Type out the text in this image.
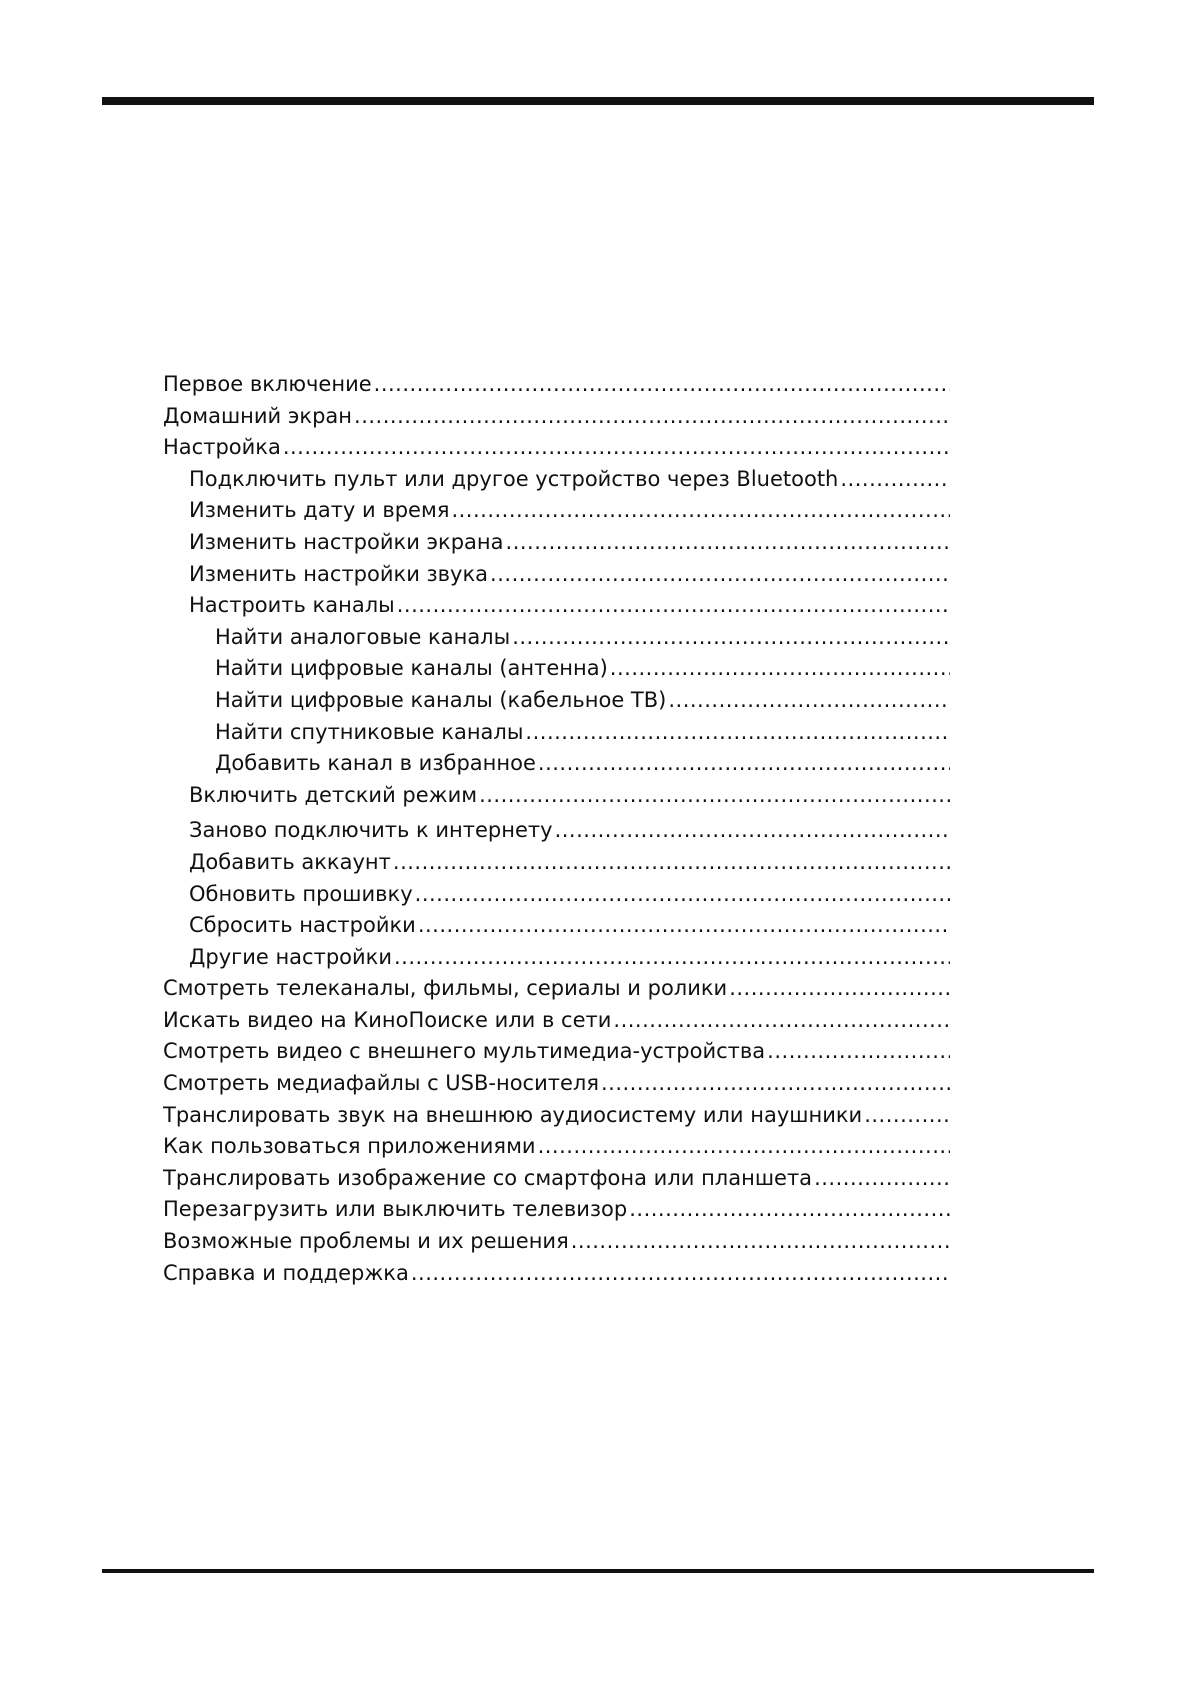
Первое включение
.....
Домашний экран
.....
Настройка
.....
Подключить пульт или другое устройство через Bluetooth
.....
Изменить дату и время
.....
Изменить настройки экрана
.....
Изменить настройки звука
.....
Настроить каналы
.....
Найти аналоговые каналы
.....
Найти цифровые каналы (антенна)
.....
Найти цифровые каналы (кабельное ТВ)
.....
Найти спутниковые каналы
.....
Добавить канал в избранное
.....
Включить детский режим
.....
Заново подключить к интернету
.....
Добавить аккаунт
.....
Обновить прошивку
.....
Сбросить настройки
.....
Другие настройки
.....
Смотреть телеканалы, фильмы, сериалы и ролики
.....
Искать видео на КиноПоиске или в сети
.....
Смотреть видео с внешнего мультимедиа-устройства
.....
Смотреть медиафайлы с USB-носителя
.....
Транслировать звук на внешнюю аудиосистему или наушники
.....
Как пользоваться приложениями
.....
Транслировать изображение со смартфона или планшета
.....
Перезагрузить или выключить телевизор
.....
Возможные проблемы и их решения
.....
Справка и поддержка
.....
